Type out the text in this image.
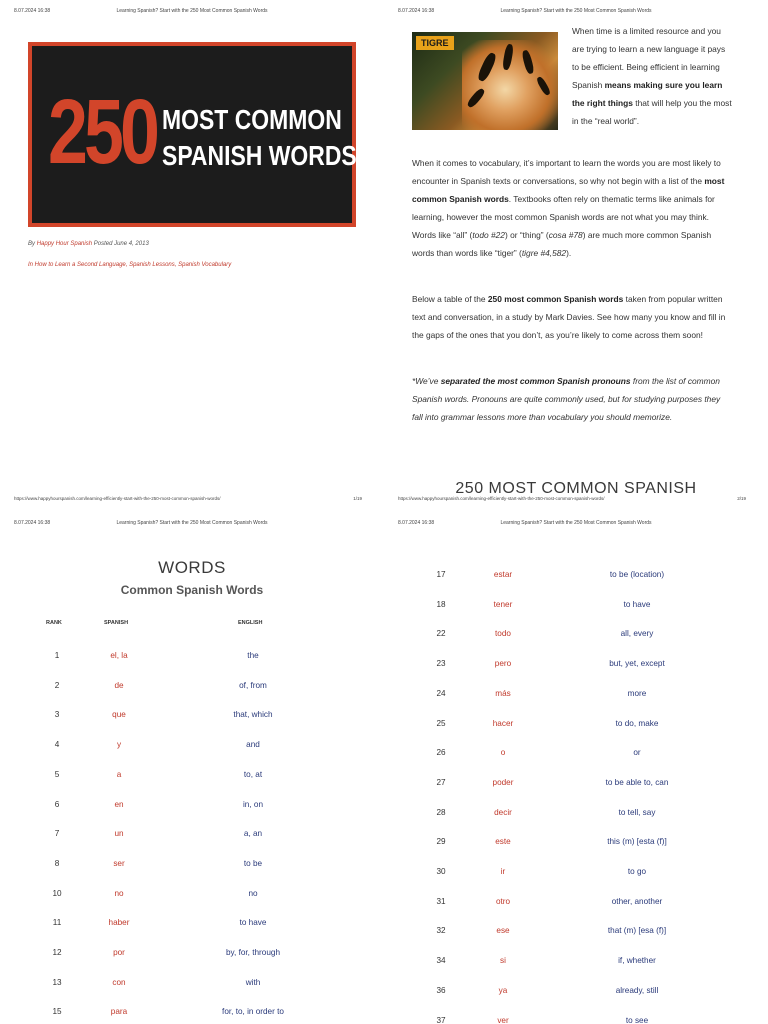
8.07.2024 16:38	Learning Spanish? Start with the 250 Most Common Spanish Words
250 MOST COMMON
SPANISH WORDS
By Happy Hour Spanish Posted June 4, 2013
In How to Learn a Second Language, Spanish Lessons, Spanish Vocabulary
https://www.happyhourspanish.com/learning-efficiently-start-with-the-250-most-common-spanish-words/	1/19
8.07.2024 16:38	Learning Spanish? Start with the 250 Most Common Spanish Words
TIGRE
When time is a limited resource and you are trying to learn a new language it pays to be efficient. Being efficient in learning Spanish means making sure you learn the right things that will help you the most in the “real world”.
When it comes to vocabulary, it’s important to learn the words you are most likely to encounter in Spanish texts or conversations, so why not begin with a list of the most common Spanish words. Textbooks often rely on thematic terms like animals for learning, however the most common Spanish words are not what you may think. Words like “all” (todo #22) or “thing” (cosa #78) are much more common Spanish words than words like “tiger” (tigre #4,582).
Below a table of the 250 most common Spanish words taken from popular written text and conversation, in a study by Mark Davies. See how many you know and fill in the gaps of the ones that you don’t, as you’re likely to come across them soon!
*We’ve separated the most common Spanish pronouns from the list of common Spanish words. Pronouns are quite commonly used, but for studying purposes they fall into grammar lessons more than vocabulary you should memorize.
250 MOST COMMON SPANISH
https://www.happyhourspanish.com/learning-efficiently-start-with-the-250-most-common-spanish-words/	2/19
8.07.2024 16:38	Learning Spanish? Start with the 250 Most Common Spanish Words
WORDS
Common Spanish Words
RANK	SPANISH	ENGLISH
1	el, la	the
2	de	of, from
3	que	that, which
4	y	and
5	a	to, at
6	en	in, on
7	un	a, an
8	ser	to be
10	no	no
11	haber	to have
12	por	by, for, through
13	con	with
15	para	for, to, in order to
8.07.2024 16:38	Learning Spanish? Start with the 250 Most Common Spanish Words
17	estar	to be (location)
18	tener	to have
22	todo	all, every
23	pero	but, yet, except
24	más	more
25	hacer	to do, make
26	o	or
27	poder	to be able to, can
28	decir	to tell, say
29	este	this (m) [esta (f)]
30	ir	to go
31	otro	other, another
32	ese	that (m) [esa (f)]
34	si	if, whether
36	ya	already, still
37	ver	to see
